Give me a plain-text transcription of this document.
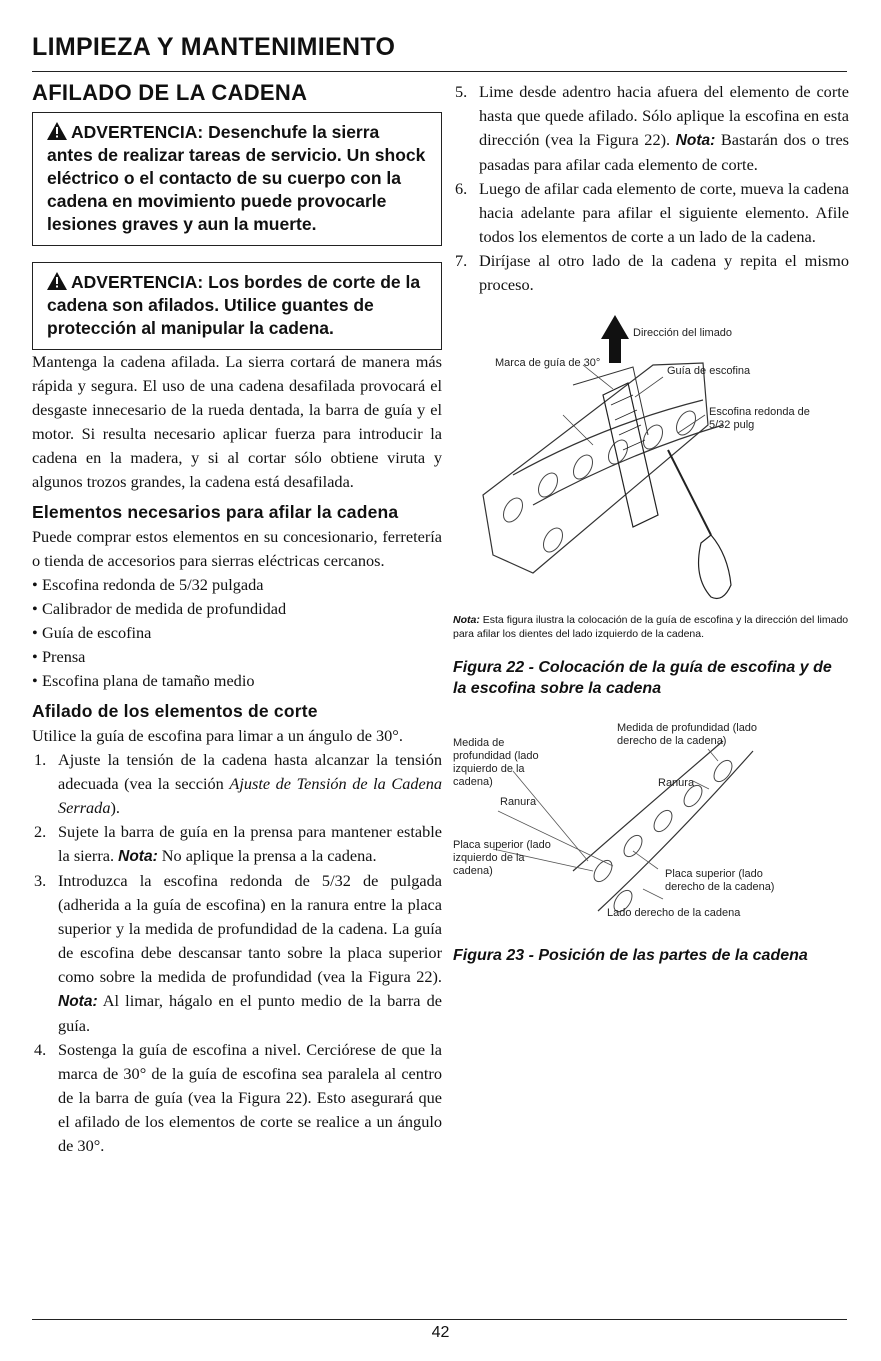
LIMPIEZA Y MANTENIMIENTO
AFILADO DE LA CADENA
ADVERTENCIA: Desenchufe la sierra antes de realizar tareas de servicio. Un shock eléctrico o el contacto de su cuerpo con la cadena en movimiento puede provocarle lesiones graves y aun la muerte.
ADVERTENCIA: Los bordes de corte de la cadena son afilados. Utilice guantes de protección al manipular la cadena.

Mantenga la cadena afilada. La sierra cortará de manera más rápida y segura. El uso de una cadena desafilada provocará el desgaste innecesario de la rueda dentada, la barra de guía y el motor. Si resulta necesario aplicar fuerza para introducir la cadena en la madera, y si al cortar sólo obtiene viruta y algunos trozos grandes, la cadena está desafilada.

Elementos necesarios para afilar la cadena

Puede comprar estos elementos en su concesionario, ferretería o tienda de accesorios para sierras eléctricas cercanos.

• Escofina redonda de 5/32 pulgada
• Calibrador de medida de profundidad
• Guía de escofina
• Prensa
• Escofina plana de tamaño medio
Afilado de los elementos de corte

Utilice la guía de escofina para limar a un ángulo de 30°.

1. Ajuste la tensión de la cadena hasta alcanzar la tensión adecuada (vea la sección Ajuste de Tensión de la Cadena Serrada).
2. Sujete la barra de guía en la prensa para mantener estable la sierra. Nota: No aplique la prensa a la cadena.
3. Introduzca la escofina redonda de 5/32 de pulgada (adherida a la guía de escofina) en la ranura entre la placa superior y la medida de profundidad de la cadena. La guía de escofina debe descansar tanto sobre la placa superior como sobre la medida de profundidad (vea la Figura 22). Nota: Al limar, hágalo en el punto medio de la barra de guía.
4. Sostenga la guía de escofina a nivel. Cerciórese de que la marca de 30° de la guía de escofina sea paralela al centro de la barra de guía (vea la Figura 22). Esto asegurará que el afilado de los elementos de corte se realice a un ángulo de 30°.
5. Lime desde adentro hacia afuera del elemento de corte hasta que quede afilado. Sólo aplique la escofina en esta dirección (vea la Figura 22). Nota: Bastarán dos o tres pasadas para afilar cada elemento de corte.
6. Luego de afilar cada elemento de corte, mueva la cadena hacia adelante para afilar el siguiente elemento. Afile todos los elementos de corte a un lado de la cadena.
7. Diríjase al otro lado de la cadena y repita el mismo proceso.
Dirección del limado
Marca de guía de 30°
Guía de escofina
Escofina redonda de 5/32 pulg
Nota: Esta figura ilustra la colocación de la guía de escofina y la dirección del limado para afilar los dientes del lado izquierdo de la cadena.
Figura 22 - Colocación de la guía de escofina y de la escofina sobre la cadena
Medida de profundidad (lado izquierdo de la cadena)
Medida de profundidad (lado derecho de la cadena)
Ranura
Ranura
Placa superior (lado izquierdo de la cadena)	Placa superior (lado derecho de la cadena)
Lado derecho de la cadena
Figura 23 - Posición de las partes de la cadena
42
